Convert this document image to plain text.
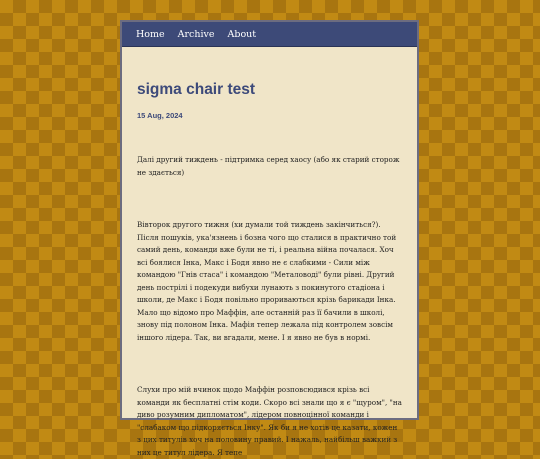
Home Archive About
sigma chair test
15 Aug, 2024

Далі другий тиждень - підтримка серед хаосу (або як старий сторож не здається)

Вівторок другого тижня (хи думали той тиждень закінчиться?). Після пошуків, ука'язнень і бозна чого що сталися в практично той самий день, команди вже були не ті, і реальна війна почалася. Хоч всі боялися Інка, Макс і Бодя явно не є слабкими - Сили між командою "Гнів стаса" і командою "Металоводі" були рівні. Другий день пострілі і подекуди вибухи лунають з покинутого стадіона і школи, де Макс і Бодя повільно прориваються крізь барикади Інка. Мало що відомо про Маффін, але останній раз її бачили в школі, знову під полоном Інка. Мафія тепер лежала під контролем зовсім іншого лідера. Так, ви вгадали, мене. І я явно не був в нормі.

Слухи про мій вчинок щодо Маффін розповсюдився крізь всі команди як бесплатні стім коди. Скоро всі знали що я є "щуром", "на диво розумним дипломатом", лідером повноцінної команди і "слабаком що підкоряється Інку". Як би я не хотів це казати, кожен з цих титулів хоч на половину правий. І нажаль, найбільш важкий з них це титул лідера. Я тепе
